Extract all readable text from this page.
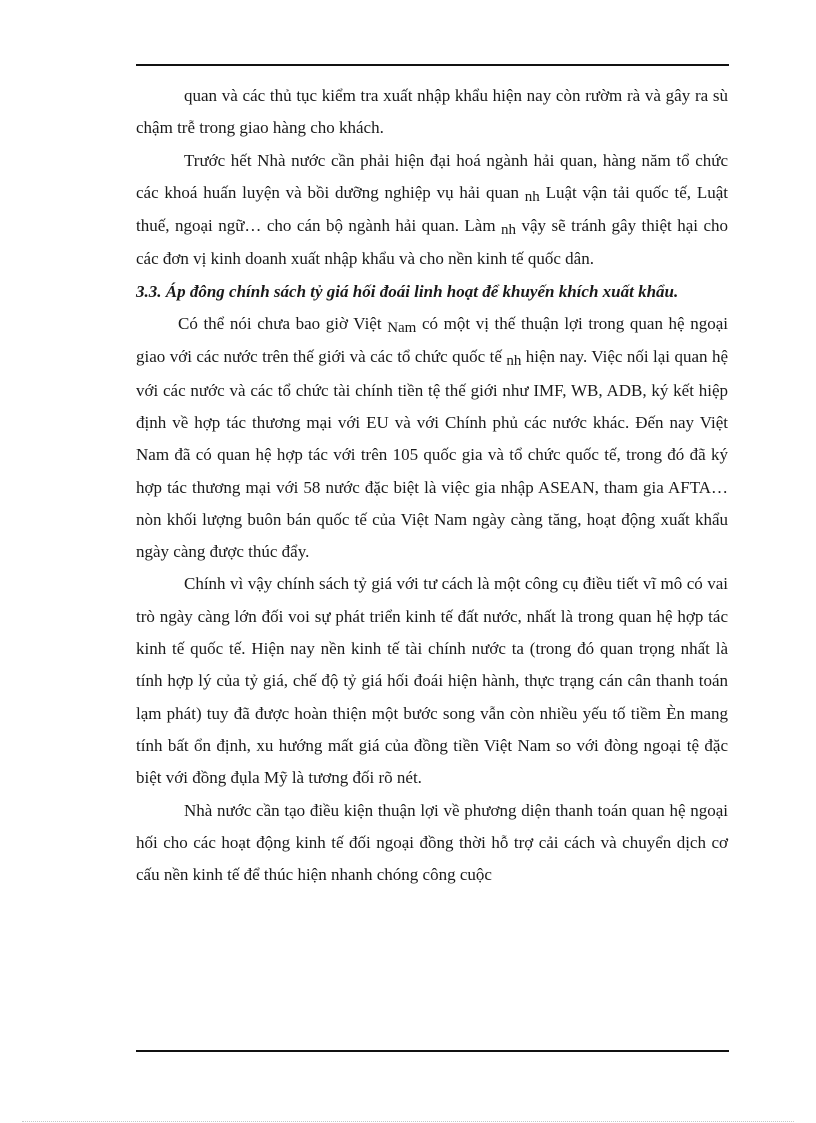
quan và các thủ tục kiểm tra xuất nhập khẩu hiện nay còn rườm rà và gây ra sù chậm trễ trong giao hàng cho khách.

Trước hết Nhà nước cần phải hiện đại hoá ngành hải quan, hàng năm tổ chức các khoá huấn luyện và bồi dưỡng nghiệp vụ hải quan nh Luật vận tải quốc tế, Luật thuế, ngoại ngữ… cho cán bộ ngành hải quan. Làm nh vậy sẽ tránh gây thiệt hại cho các đơn vị kinh doanh xuất nhập khẩu và cho nền kinh tế quốc dân.

3.3. Áp đông chính sách tỷ giá hối đoái linh hoạt để khuyến khích xuất khẩu.

Có thể nói chưa bao giờ Việt Nam có một vị thế thuận lợi trong quan hệ ngoại giao với các nước trên thế giới và các tổ chức quốc tế nh hiện nay. Việc nối lại quan hệ với các nước và các tổ chức tài chính tiền tệ thế giới như IMF, WB, ADB, ký kết hiệp định về hợp tác thương mại với EU và với Chính phủ các nước khác. Đến nay Việt Nam đã có quan hệ hợp tác với trên 105 quốc gia và tổ chức quốc tế, trong đó đã ký hợp tác thương mại với 58 nước đặc biệt là việc gia nhập ASEAN, tham gia AFTA…nòn khối lượng buôn bán quốc tế của Việt Nam ngày càng tăng, hoạt động xuất khẩu ngày càng được thúc đẩy.

Chính vì vậy chính sách tỷ giá với tư cách là một công cụ điều tiết vĩ mô có vai trò ngày càng lớn đối voi sự phát triển kinh tế đất nước, nhất là trong quan hệ hợp tác kinh tế quốc tế. Hiện nay nền kinh tế tài chính nước ta (trong đó quan trọng nhất là tính hợp lý của tỷ giá, chế độ tỷ giá hối đoái hiện hành, thực trạng cán cân thanh toán lạm phát) tuy đã được hoàn thiện một bước song vẫn còn nhiều yếu tố tiềm Èn mang tính bất ổn định, xu hướng mất giá của đồng tiền Việt Nam so với đòng ngoại tệ đặc biệt với đồng đụla Mỹ là tương đối rõ nét.

Nhà nước cần tạo điều kiện thuận lợi về phương diện thanh toán quan hệ ngoại hối cho các hoạt động kinh tế đối ngoại đồng thời hỗ trợ cải cách và chuyển dịch cơ cấu nền kinh tế để thúc hiện nhanh chóng công cuộc
